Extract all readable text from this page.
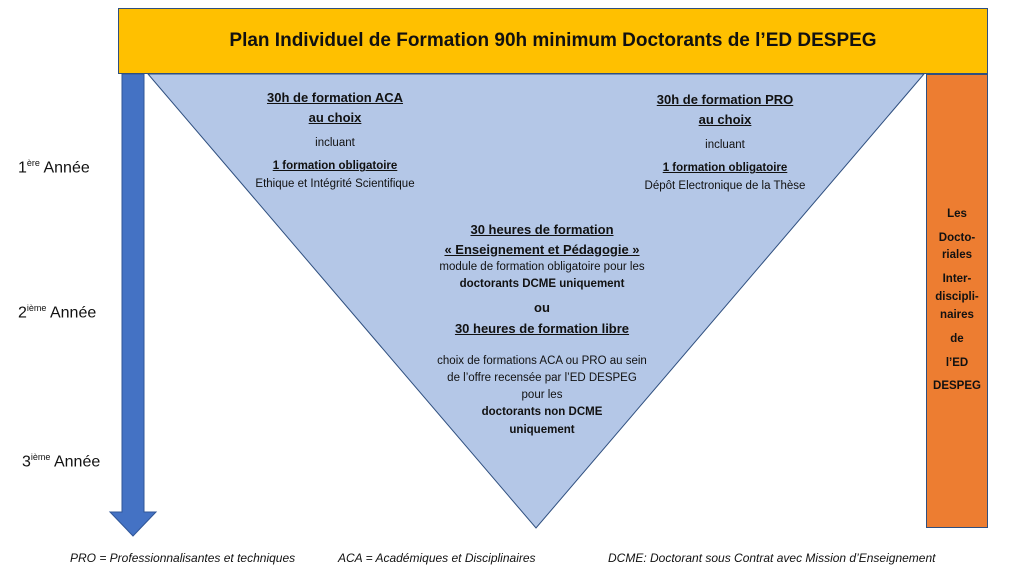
Plan Individuel de Formation 90h minimum Doctorants de l’ED DESPEG
Les
Docto-
riales
Inter-
discipli-
naires
de
l’ED
DESPEG
1ère Année
2ième Année
3ième Année
30h de formation ACA
au choix
incluant
1 formation obligatoire
Ethique et Intégrité Scientifique
30h de formation PRO
au choix
incluant
1 formation obligatoire
Dépôt Electronique de la Thèse
30 heures de formation
« Enseignement et Pédagogie »
module de formation obligatoire pour les
doctorants DCME uniquement
ou
30 heures de formation libre
choix de formations ACA ou PRO au sein
de l’offre recensée par l’ED DESPEG
pour les
doctorants non DCME
uniquement
PRO = Professionnalisantes et techniques	ACA = Académiques et Disciplinaires	DCME: Doctorant sous Contrat avec Mission d’Enseignement
